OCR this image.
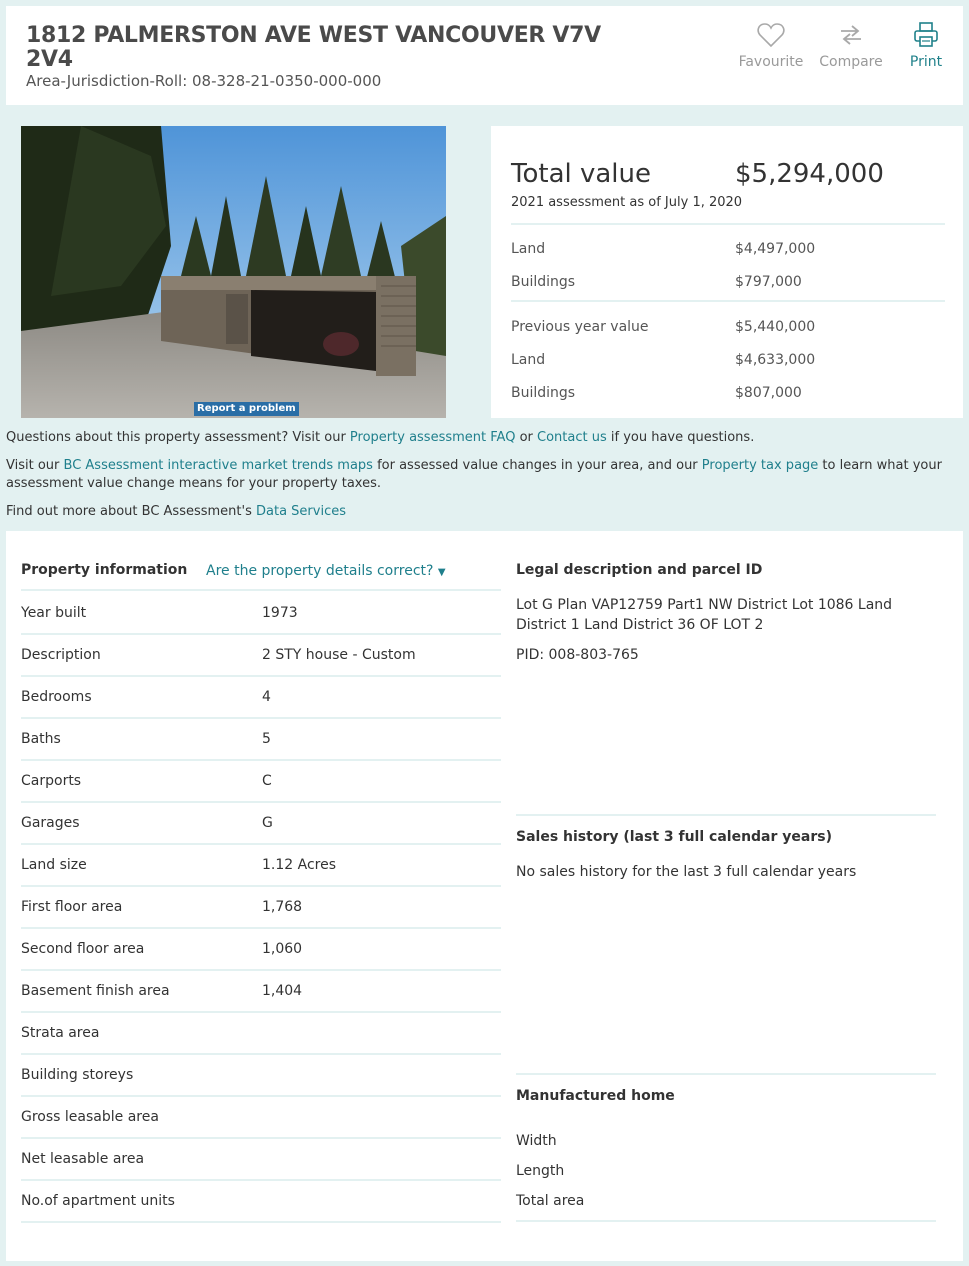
1812 PALMERSTON AVE WEST VANCOUVER V7V 2V4
Area-Jurisdiction-Roll: 08-328-21-0350-000-000
Favourite	Compare	Print
Report a problem
Total value	$5,294,000
2021 assessment as of July 1, 2020
Land	$4,497,000
Buildings	$797,000
Previous year value	$5,440,000
Land	$4,633,000
Buildings	$807,000
Questions about this property assessment? Visit our Property assessment FAQ or Contact us if you have questions.
Visit our BC Assessment interactive market trends maps for assessed value changes in your area, and our Property tax page to learn what your assessment value change means for your property taxes.
Find out more about BC Assessment's Data Services
Property information Are the property details correct? ▼
Year built	1973
Description	2 STY house - Custom
Bedrooms	4
Baths	5
Carports	C
Garages	G
Land size	1.12 Acres
First floor area	1,768
Second floor area	1,060
Basement finish area	1,404
Strata area
Building storeys
Gross leasable area
Net leasable area
No.of apartment units
Legal description and parcel ID
Lot G Plan VAP12759 Part1 NW District Lot 1086 Land District 1 Land District 36 OF LOT 2
PID: 008-803-765
Sales history (last 3 full calendar years)
No sales history for the last 3 full calendar years
Manufactured home
Width
Length
Total area
